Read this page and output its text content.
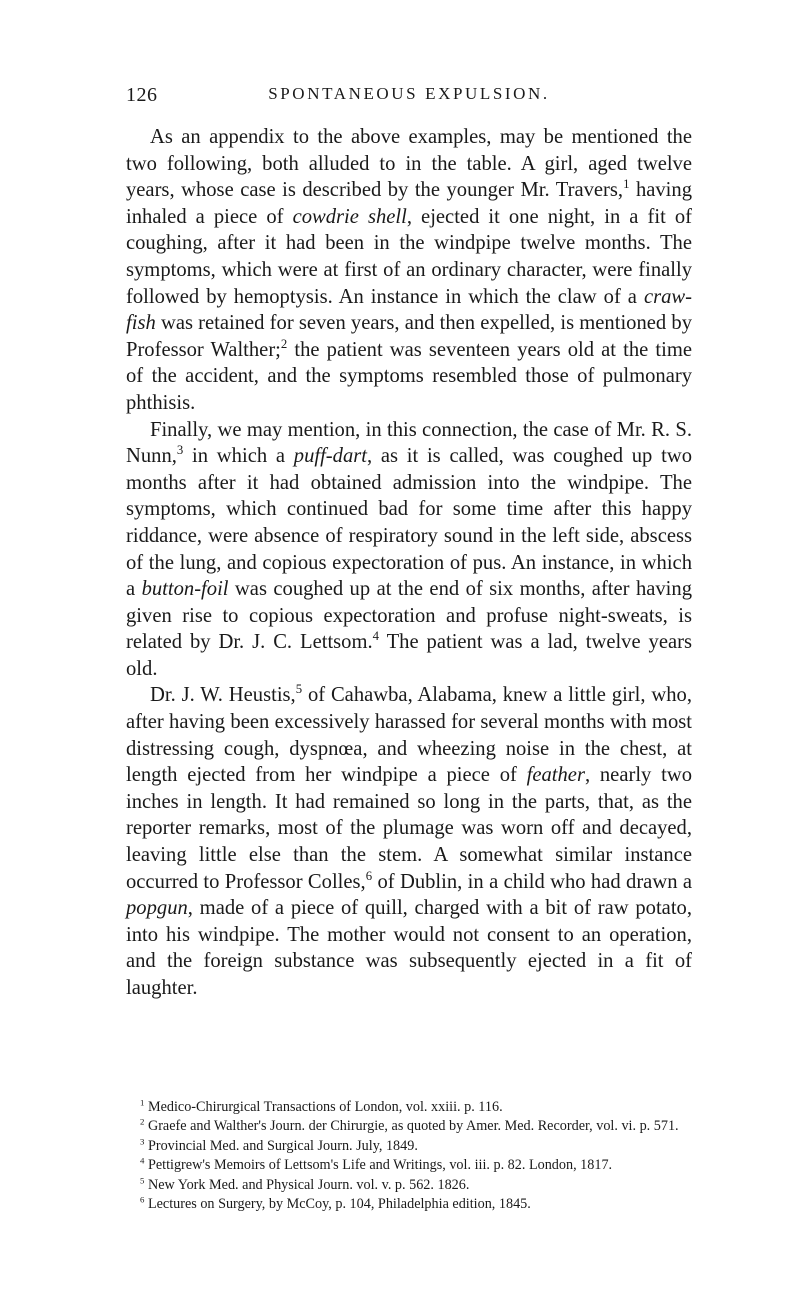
126	SPONTANEOUS EXPULSION.

As an appendix to the above examples, may be mentioned the two following, both alluded to in the table. A girl, aged twelve years, whose case is described by the younger Mr. Travers,$^1$ having inhaled a piece of cowdrie shell, ejected it one night, in a fit of coughing, after it had been in the windpipe twelve months. The symptoms, which were at first of an ordinary character, were finally followed by hemoptysis. An instance in which the claw of a craw-fish was retained for seven years, and then expelled, is mentioned by Professor Walther;$^2$ the patient was seventeen years old at the time of the accident, and the symptoms resembled those of pulmonary phthisis.

Finally, we may mention, in this connection, the case of Mr. R. S. Nunn,$^3$ in which a puff-dart, as it is called, was coughed up two months after it had obtained admission into the windpipe. The symptoms, which continued bad for some time after this happy riddance, were absence of respiratory sound in the left side, abscess of the lung, and copious expectoration of pus. An instance, in which a button-foil was coughed up at the end of six months, after having given rise to copious expectoration and profuse night-sweats, is related by Dr. J. C. Lettsom.$^4$ The patient was a lad, twelve years old.

Dr. J. W. Heustis,$^5$ of Cahawba, Alabama, knew a little girl, who, after having been excessively harassed for several months with most distressing cough, dyspnœa, and wheezing noise in the chest, at length ejected from her windpipe a piece of feather, nearly two inches in length. It had remained so long in the parts, that, as the reporter remarks, most of the plumage was worn off and decayed, leaving little else than the stem. A somewhat similar instance occurred to Professor Colles,$^6$ of Dublin, in a child who had drawn a popgun, made of a piece of quill, charged with a bit of raw potato, into his windpipe. The mother would not consent to an operation, and the foreign substance was subsequently ejected in a fit of laughter.

$^1$ Medico-Chirurgical Transactions of London, vol. xxiii. p. 116.
$^2$ Graefe and Walther's Journ. der Chirurgie, as quoted by Amer. Med. Recorder, vol. vi. p. 571.
$^3$ Provincial Med. and Surgical Journ. July, 1849.
$^4$ Pettigrew's Memoirs of Lettsom's Life and Writings, vol. iii. p. 82. London, 1817.
$^5$ New York Med. and Physical Journ. vol. v. p. 562. 1826.
$^6$ Lectures on Surgery, by McCoy, p. 104, Philadelphia edition, 1845.
